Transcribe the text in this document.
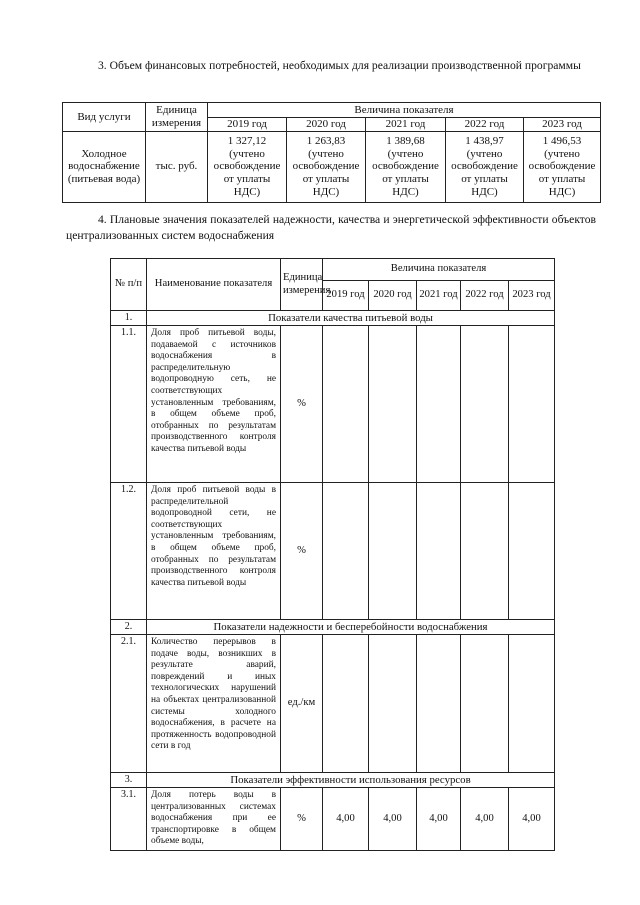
3. Объем финансовых потребностей, необходимых для реализации производственной программы
Вид услуги	Единица измерения	Величина показателя				
		2019 год	2020 год	2021 год	2022 год	2023 год
Холодное водоснабжение (питьевая вода)	тыс. руб.	1 327,12 (учтено освобождение от уплаты НДС)	1 263,83 (учтено освобождение от уплаты НДС)	1 389,68 (учтено освобождение от уплаты НДС)	1 438,97 (учтено освобождение от уплаты НДС)	1 496,53 (учтено освобождение от уплаты НДС)
4. Плановые значения показателей надежности, качества и энергетической эффективности объектов централизованных систем водоснабжения
№ п/п	Наименование показателя	Единица измерения	Величина показателя				
			2019 год	2020 год	2021 год	2022 год	2023 год
1.	Показатели качества питьевой воды						
1.1.	Доля проб питьевой воды, подаваемой с источников водоснабжения в распределительную водопроводную сеть, не соответствующих установленным требованиям, в общем объеме проб, отобранных по результатам производственного контроля качества питьевой воды	%					
1.2.	Доля проб питьевой воды в распределительной водопроводной сети, не соответствующих установленным требованиям, в общем объеме проб, отобранных по результатам производственного контроля качества питьевой воды	%					
2.	Показатели надежности и бесперебойности водоснабжения						
2.1.	Количество перерывов в подаче воды, возникших в результате аварий, повреждений и иных технологических нарушений на объектах централизованной системы холодного водоснабжения, в расчете на протяженность водопроводной сети в год	ед./км					
3.	Показатели эффективности использования ресурсов						
3.1.	Доля потерь воды в централизованных системах водоснабжения при ее транспортировке в общем объеме воды,	%	4,00	4,00	4,00	4,00	4,00
